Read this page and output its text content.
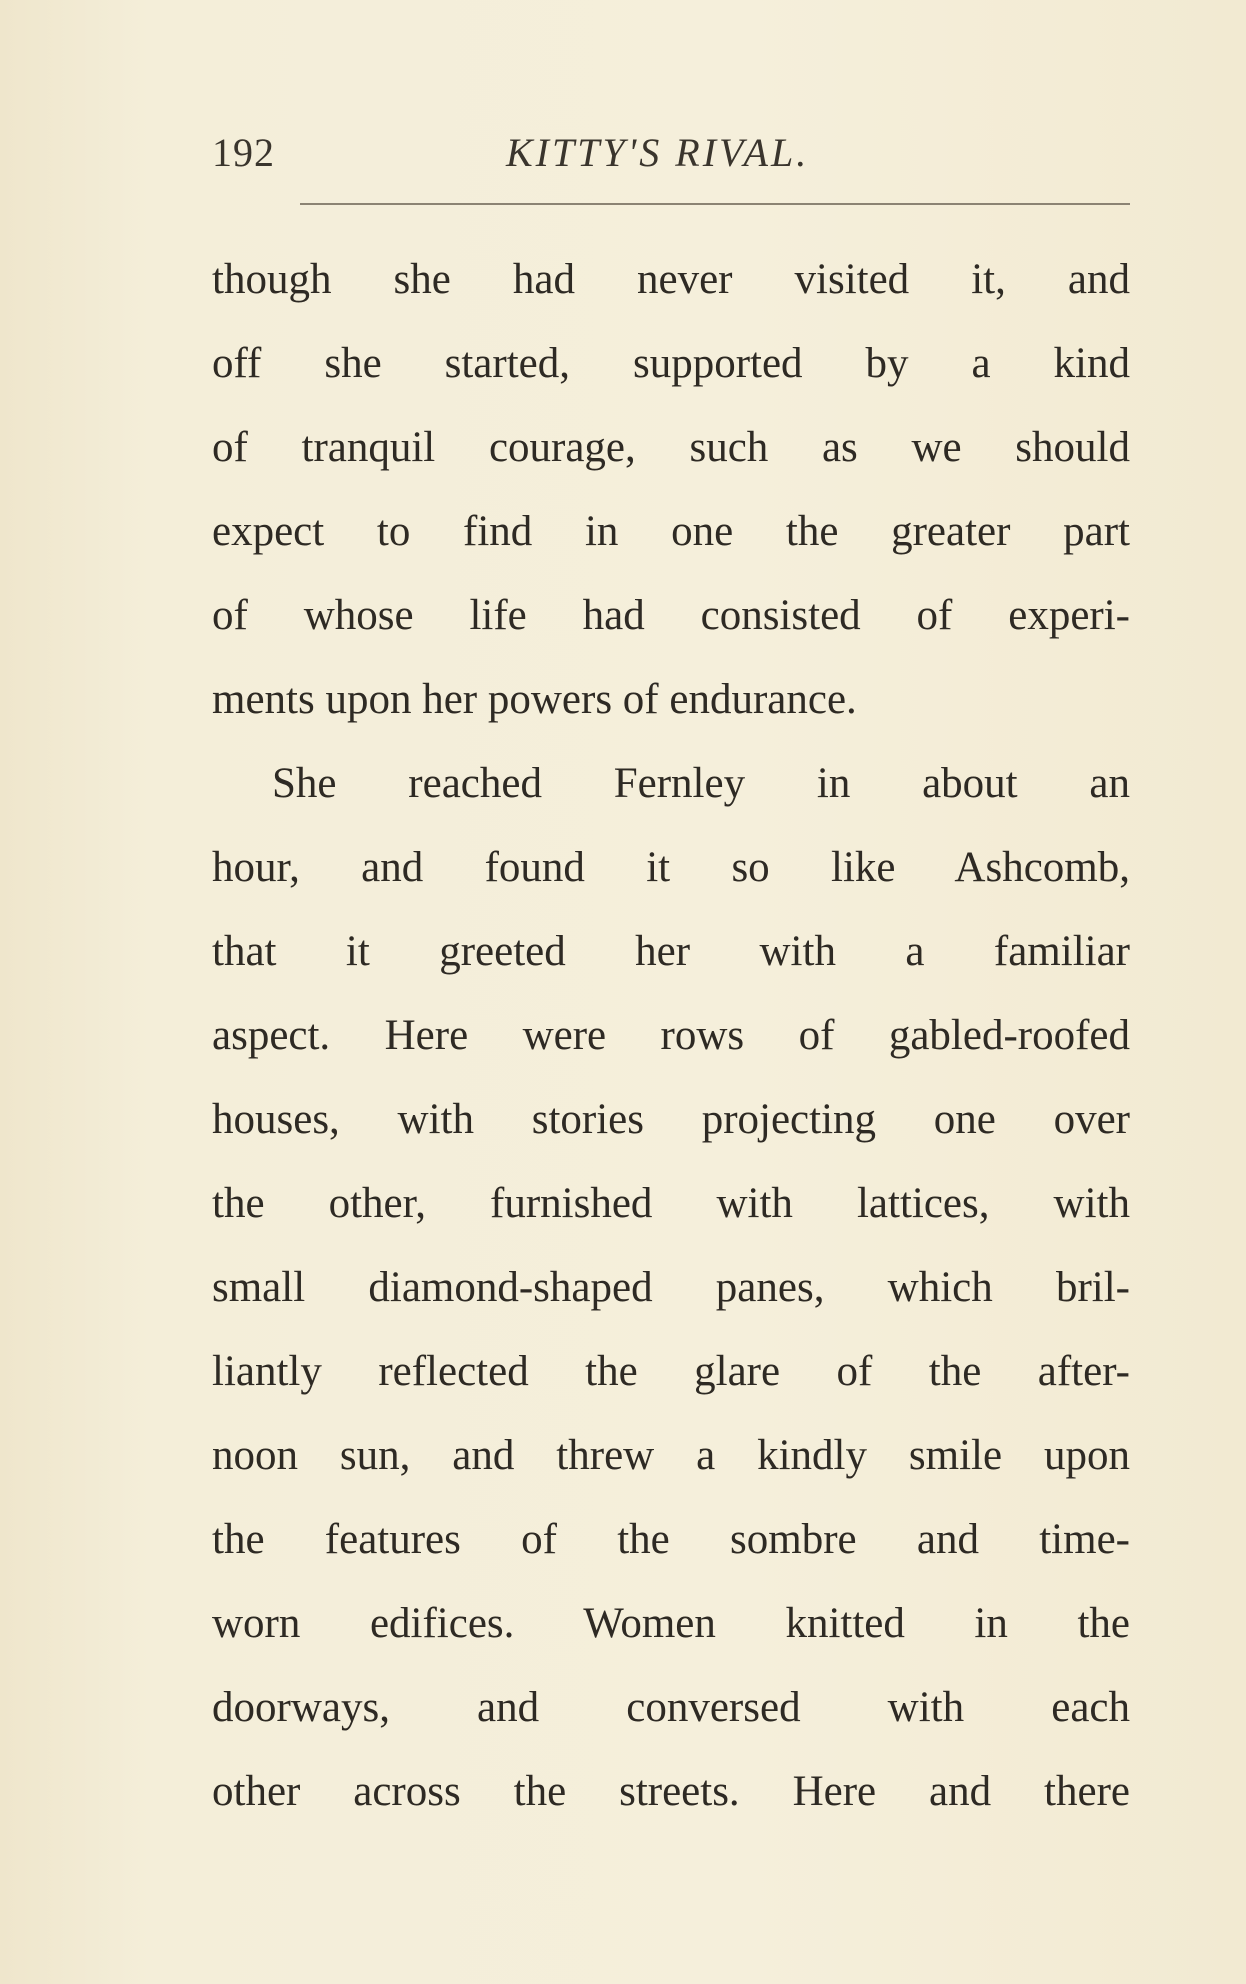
192	KITTY'S RIVAL.
though she had never visited it, and
off she started, supported by a kind
of tranquil courage, such as we should
expect to find in one the greater part
of whose life had consisted of experi-
ments upon her powers of endurance.
She reached Fernley in about an
hour, and found it so like Ashcomb,
that it greeted her with a familiar
aspect. Here were rows of gabled-roofed
houses, with stories projecting one over
the other, furnished with lattices, with
small diamond-shaped panes, which bril-
liantly reflected the glare of the after-
noon sun, and threw a kindly smile upon
the features of the sombre and time-
worn edifices. Women knitted in the
doorways, and conversed with each
other across the streets. Here and there
